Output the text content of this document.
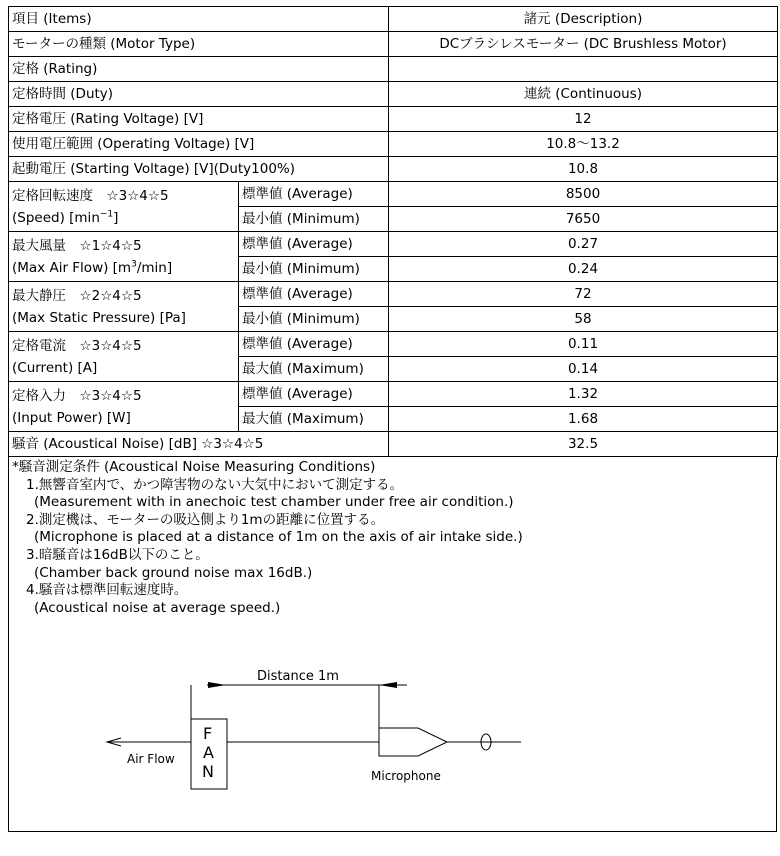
項目 (Items)		諸元 (Description)
モーターの種類 (Motor Type)		DCブラシレスモーター (DC Brushless Motor)
定格 (Rating)		
定格時間 (Duty)		連続 (Continuous)
定格電圧 (Rating Voltage) [V]		12
使用電圧範囲 (Operating Voltage) [V]		10.8～13.2
起動電圧 (Starting Voltage) [V](Duty100%)		10.8

定格回転速度　☆3☆4☆5
(Speed) $[\min^{-1}]$	標準値 (Average)	8500
	最小値 (Minimum)	7650

最大風量　☆1☆4☆5
(Max Air Flow) $[m^3/\min]$	標準値 (Average)	0.27
	最小値 (Minimum)	0.24

最大静圧　☆2☆4☆5
(Max Static Pressure) [Pa]	標準値 (Average)	72
	最小値 (Minimum)	58

定格電流　☆3☆4☆5
(Current) [A]	標準値 (Average)	0.11
	最大値 (Maximum)	0.14

定格入力　☆3☆4☆5
(Input Power) [W]	標準値 (Average)	1.32
	最大値 (Maximum)	1.68
騒音 (Acoustical Noise) [dB] ☆3☆4☆5		32.5
*騒音測定条件 (Acoustical Noise Measuring Conditions)
1.無響音室内で、かつ障害物のない大気中において測定する。
(Measurement with in anechoic test chamber under free air condition.)
2.測定機は、モーターの吸込側より1mの距離に位置する。
(Microphone is placed at a distance of 1m on the axis of air intake side.)
3.暗騒音は16dB以下のこと。
(Chamber back ground noise max 16dB.)
4.騒音は標準回転速度時。
(Acoustical noise at average speed.)
Distance 1m
F
A
N
Air Flow
Microphone
